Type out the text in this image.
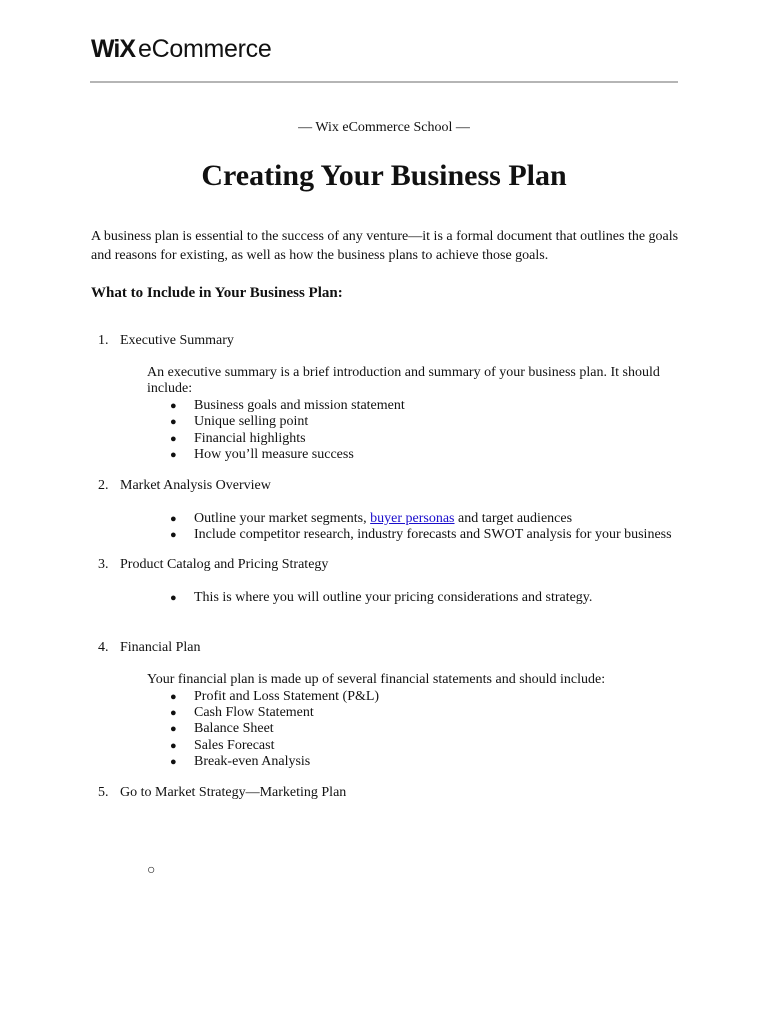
WiX eCommerce
— Wix eCommerce School —
Creating Your Business Plan
A business plan is essential to the success of any venture—it is a formal document that outlines the goals
and reasons for existing, as well as how the business plans to achieve those goals.
What to Include in Your Business Plan:
1. Executive Summary
An executive summary is a brief introduction and summary of your business plan. It should
include:
● Business goals and mission statement
● Unique selling point
● Financial highlights
● How you’ll measure success
2. Market Analysis Overview
● Outline your market segments, buyer personas and target audiences
● Include competitor research, industry forecasts and SWOT analysis for your business
3. Product Catalog and Pricing Strategy
● This is where you will outline your pricing considerations and strategy.
4. Financial Plan
Your financial plan is made up of several financial statements and should include:
● Profit and Loss Statement (P&L)
● Cash Flow Statement
● Balance Sheet
● Sales Forecast
● Break-even Analysis
5. Go to Market Strategy—Marketing Plan
○
